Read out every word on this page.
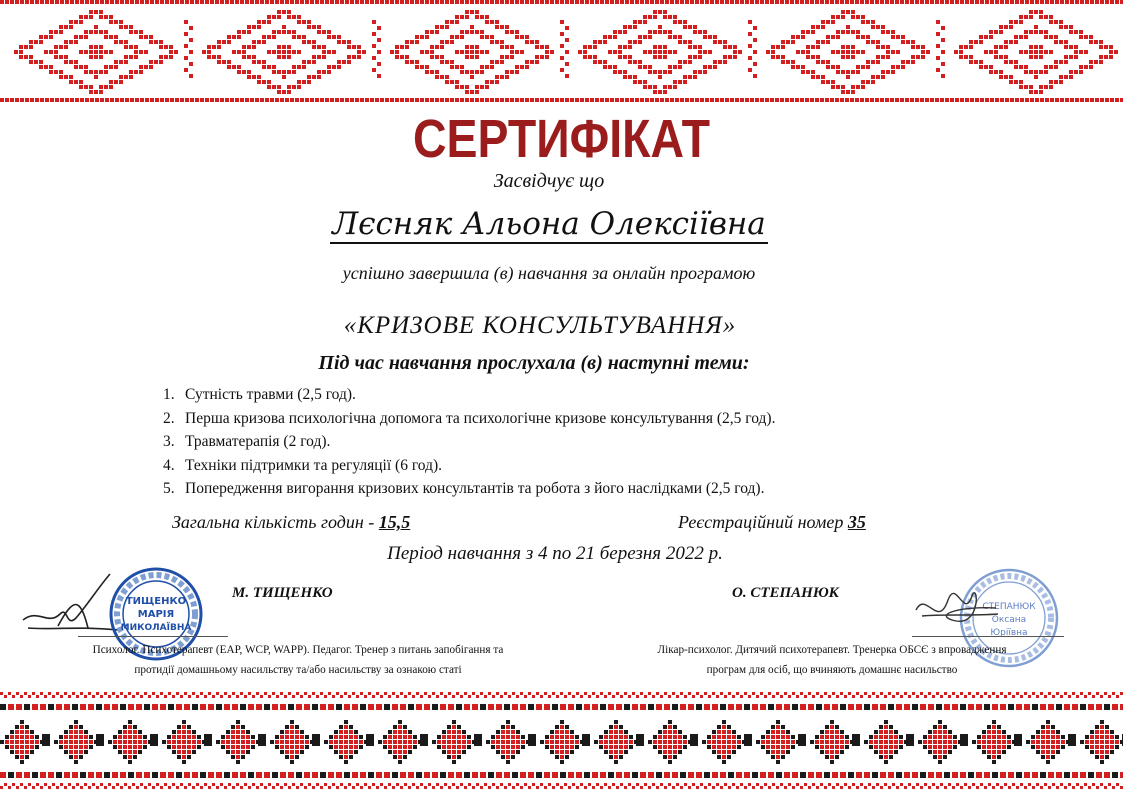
СЕРТИФІКАТ
Засвідчує що
Лєсняк Альона Олексіївна
успішно завершила (в) навчання за онлайн програмою
«КРИЗОВЕ КОНСУЛЬТУВАННЯ»
Під час навчання прослухала (в) наступні теми:
1. Сутність травми (2,5 год).
2. Перша кризова психологічна допомога та психологічне кризове консультування (2,5 год).
3. Травматерапія (2 год).
4. Техніки підтримки та регуляції (6 год).
5. Попередження вигорання кризових консультантів та робота з його наслідками (2,5 год).
Загальна кількість годин - 15,5	Реєстраційний номер 35
Період навчання з 4 по 21 березня 2022 р.
ТИЩЕНКО
МАРІЯ
МИКОЛАЇВНА
М. ТИЩЕНКО
Психолог. Психотерапевт (EAP, WCP, WAPP). Педагог. Тренер з питань запобігання та
протидії домашньому насильству та/або насильству за ознакою статі
СТЕПАНЮК
Оксана
Юріївна
О. СТЕПАНЮК
Лікар-психолог. Дитячий психотерапевт. Тренерка ОБСЄ з впровадження
програм для осіб, що вчиняють домашнє насильство
